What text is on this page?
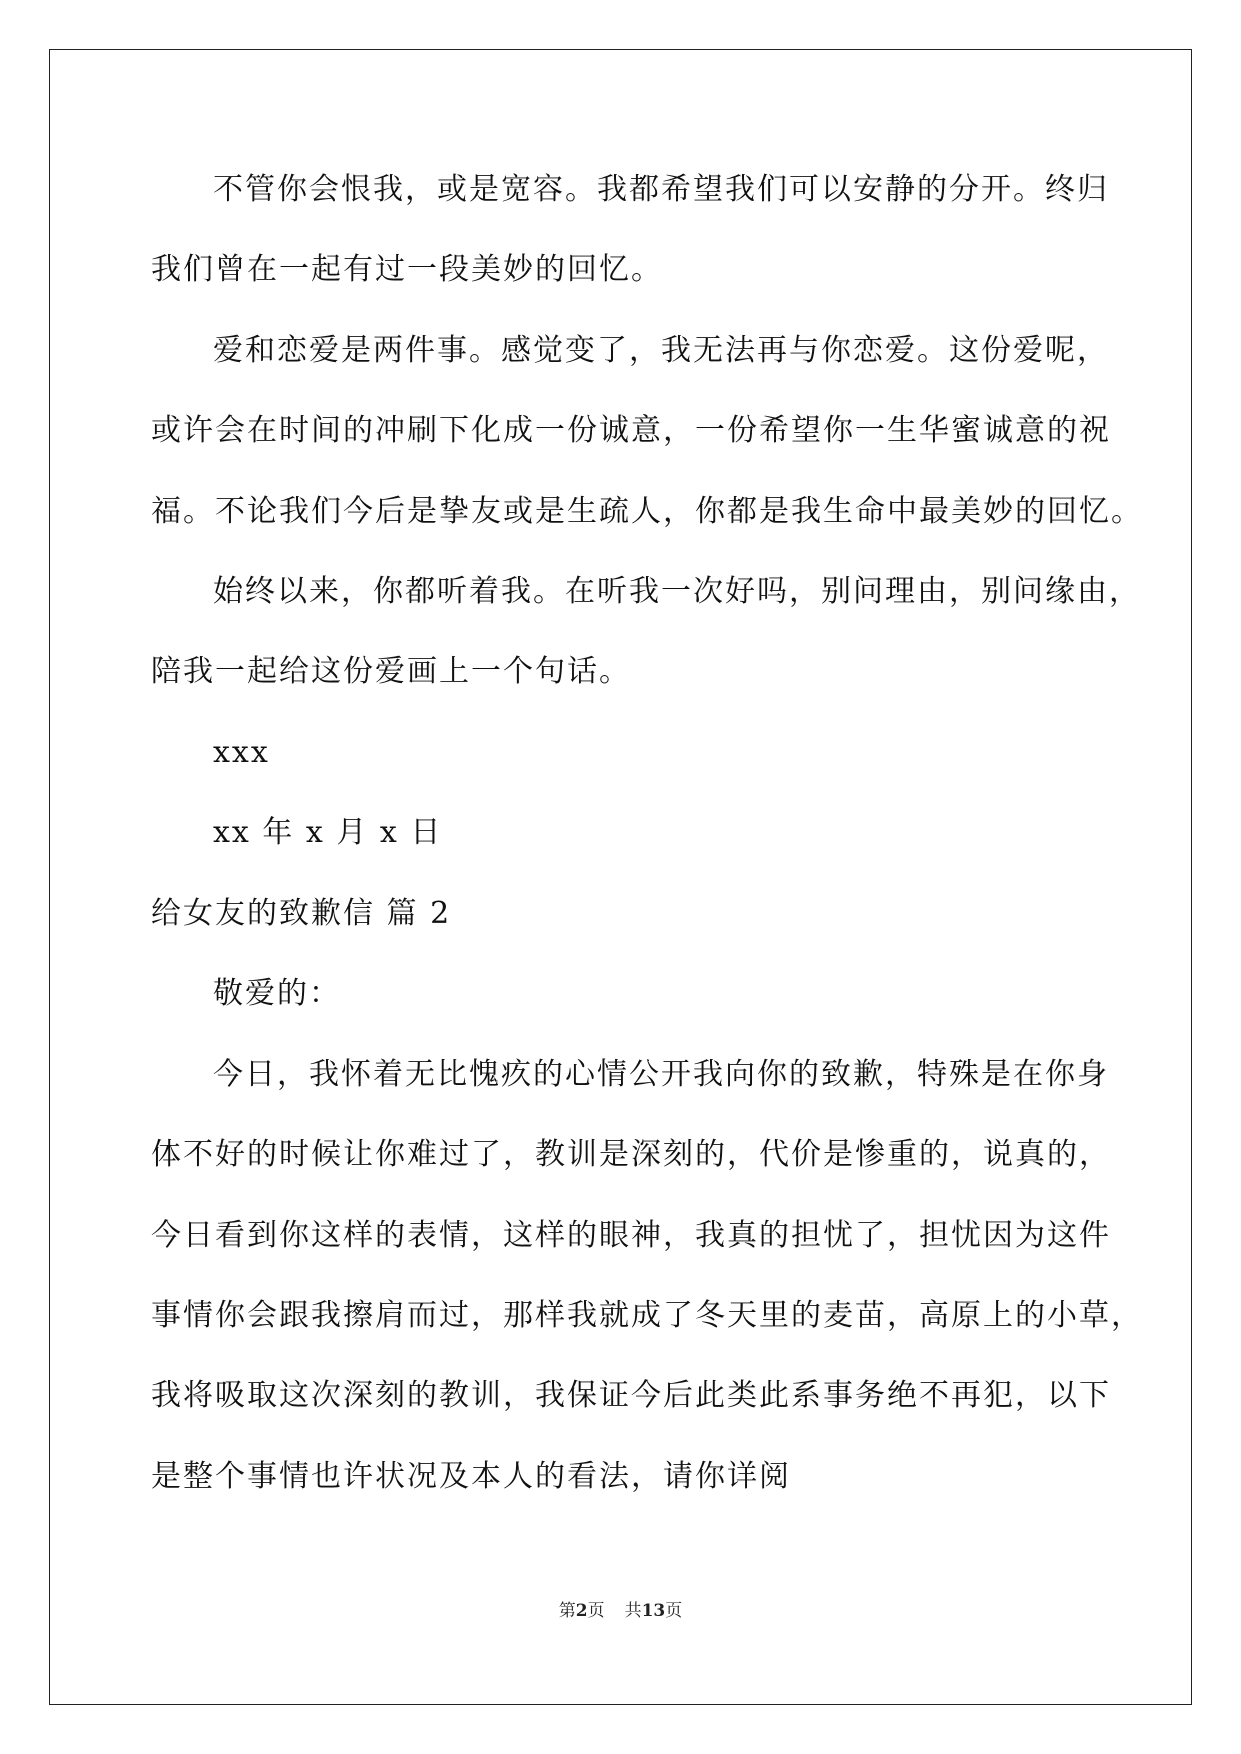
不管你会恨我，或是宽容。我都希望我们可以安静的分开。终归
我们曾在一起有过一段美妙的回忆。
爱和恋爱是两件事。感觉变了，我无法再与你恋爱。这份爱呢，
或许会在时间的冲刷下化成一份诚意，一份希望你一生华蜜诚意的祝
福。不论我们今后是挚友或是生疏人，你都是我生命中最美妙的回忆。
始终以来，你都听着我。在听我一次好吗，别问理由，别问缘由，
陪我一起给这份爱画上一个句话。
xxx
xx 年 x 月 x 日
给女友的致歉信 篇 2
敬爱的：
今日，我怀着无比愧疚的心情公开我向你的致歉，特殊是在你身
体不好的时候让你难过了，教训是深刻的，代价是惨重的，说真的，
今日看到你这样的表情，这样的眼神，我真的担忧了，担忧因为这件
事情你会跟我擦肩而过，那样我就成了冬天里的麦苗，高原上的小草，
我将吸取这次深刻的教训，我保证今后此类此系事务绝不再犯，以下
是整个事情也许状况及本人的看法，请你详阅
第2页 共13页
